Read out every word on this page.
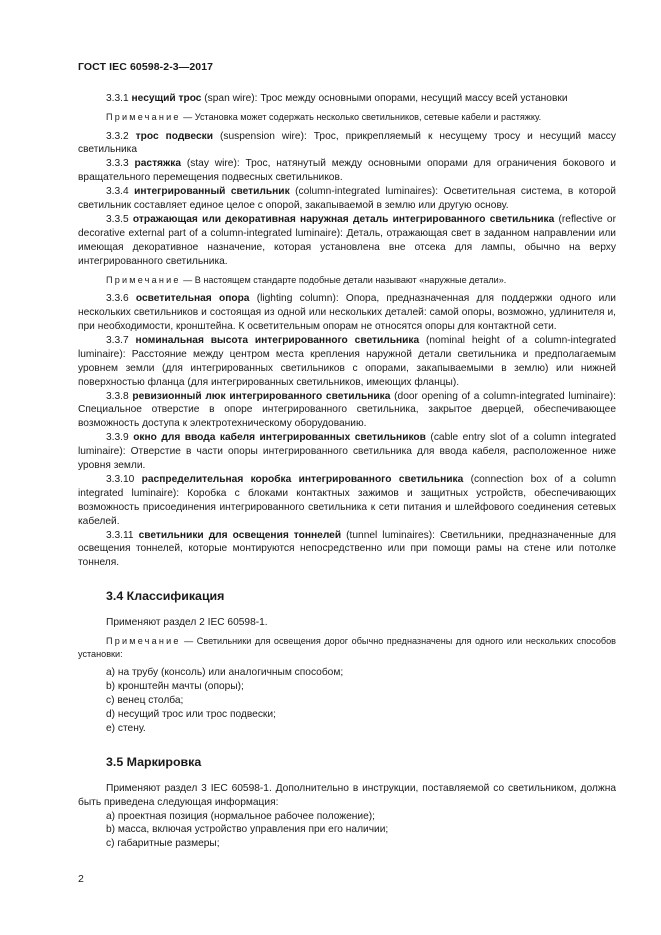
ГОСТ IEC 60598-2-3—2017

3.3.1 несущий трос (span wire): Трос между основными опорами, несущий массу всей установки

Примечание — Установка может содержать несколько светильников, сетевые кабели и растяжку.

3.3.2 трос подвески (suspension wire): Трос, прикрепляемый к несущему тросу и несущий массу светильника

3.3.3 растяжка (stay wire): Трос, натянутый между основными опорами для ограничения бокового и вращательного перемещения подвесных светильников.

3.3.4 интегрированный светильник (column-integrated luminaires): Осветительная система, в которой светильник составляет единое целое с опорой, закапываемой в землю или другую основу.

3.3.5 отражающая или декоративная наружная деталь интегрированного светильника (reflective or decorative external part of a column-integrated luminaire): Деталь, отражающая свет в заданном направлении или имеющая декоративное назначение, которая установлена вне отсека для лампы, обычно на верху интегрированного светильника.

Примечание — В настоящем стандарте подобные детали называют «наружные детали».

3.3.6 осветительная опора (lighting column): Опора, предназначенная для поддержки одного или нескольких светильников и состоящая из одной или нескольких деталей: самой опоры, возможно, удлинителя и, при необходимости, кронштейна. К осветительным опорам не относятся опоры для контактной сети.

3.3.7 номинальная высота интегрированного светильника (nominal height of a column-integrated luminaire): Расстояние между центром места крепления наружной детали светильника и предполагаемым уровнем земли (для интегрированных светильников с опорами, закапываемыми в землю) или нижней поверхностью фланца (для интегрированных светильников, имеющих фланцы).

3.3.8 ревизионный люк интегрированного светильника (door opening of a column-integrated luminaire): Специальное отверстие в опоре интегрированного светильника, закрытое дверцей, обеспечивающее возможность доступа к электротехническому оборудованию.

3.3.9 окно для ввода кабеля интегрированных светильников (cable entry slot of a column integrated luminaire): Отверстие в части опоры интегрированного светильника для ввода кабеля, расположенное ниже уровня земли.

3.3.10 распределительная коробка интегрированного светильника (connection box of a column integrated luminaire): Коробка с блоками контактных зажимов и защитных устройств, обеспечивающих возможность присоединения интегрированного светильника к сети питания и шлейфового соединения сетевых кабелей.

3.3.11 светильники для освещения тоннелей (tunnel luminaires): Светильники, предназначенные для освещения тоннелей, которые монтируются непосредственно или при помощи рамы на стене или потолке тоннеля.

3.4 Классификация

Применяют раздел 2 IEC 60598-1.

Примечание — Светильники для освещения дорог обычно предназначены для одного или нескольких способов установки:

а) на трубу (консоль) или аналогичным способом;
b) кронштейн мачты (опоры);
c) венец столба;
d) несущий трос или трос подвески;
e) стену.
3.5 Маркировка

Применяют раздел 3 IEC 60598-1. Дополнительно в инструкции, поставляемой со светильником, должна быть приведена следующая информация:

a) проектная позиция (нормальное рабочее положение);
b) масса, включая устройство управления при его наличии;
c) габаритные размеры;
2
